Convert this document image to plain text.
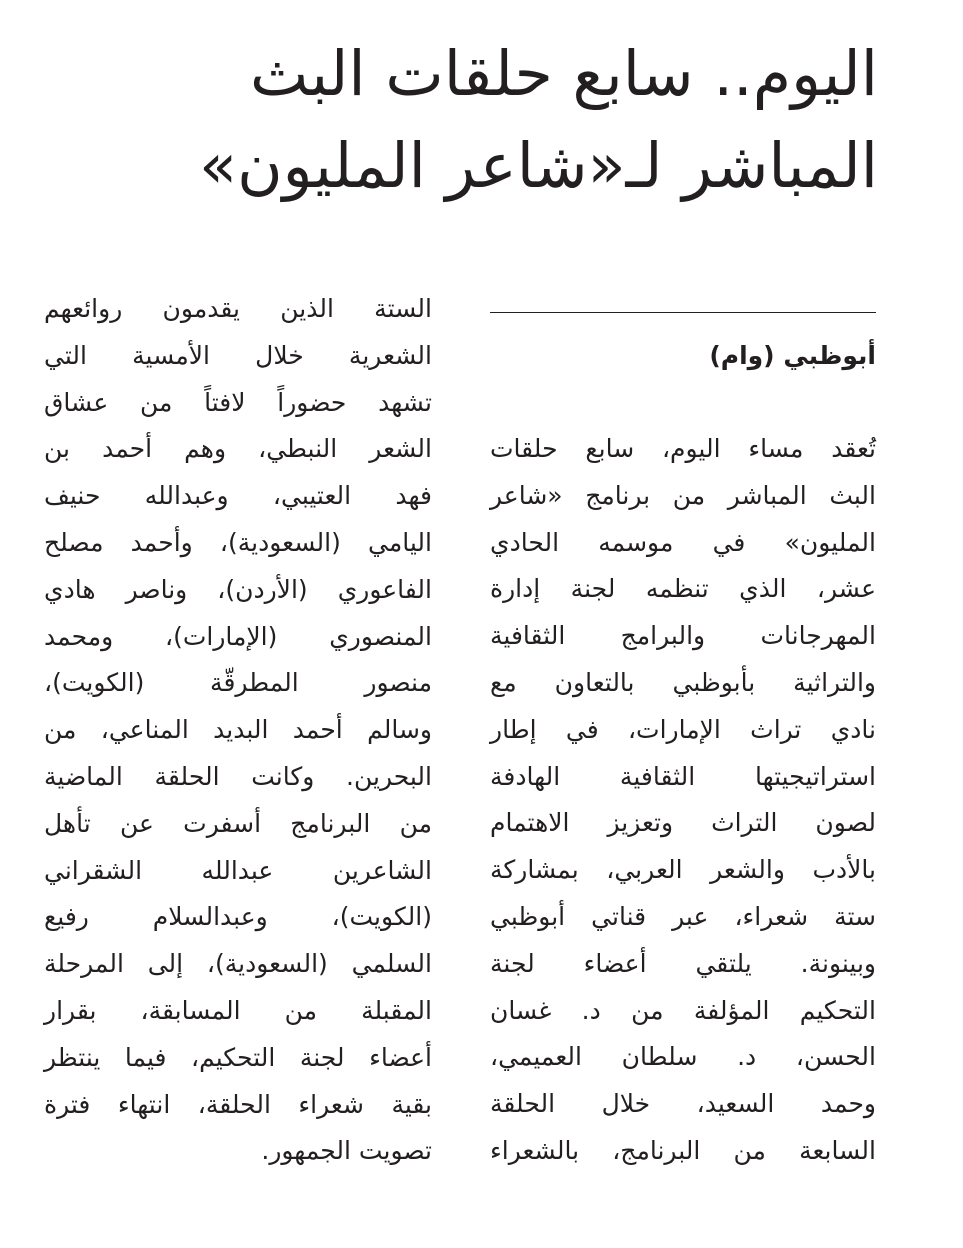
اليوم.. سابع حلقات البث
المباشر لـ«شاعر المليون»
أبوظبي (وام)
تُعقد مساء اليوم، سابع حلقات
البث المباشر من برنامج «شاعر
المليون» في موسمه الحادي
عشر، الذي تنظمه لجنة إدارة
المهرجانات والبرامج الثقافية
والتراثية بأبوظبي بالتعاون مع
نادي تراث الإمارات، في إطار
استراتيجيتها الثقافية الهادفة
لصون التراث وتعزيز الاهتمام
بالأدب والشعر العربي، بمشاركة
ستة شعراء، عبر قناتي أبوظبي
وبينونة. يلتقي أعضاء لجنة
التحكيم المؤلفة من د. غسان
الحسن، د. سلطان العميمي،
وحمد السعيد، خلال الحلقة
السابعة من البرنامج، بالشعراء
الستة الذين يقدمون روائعهم
الشعرية خلال الأمسية التي
تشهد حضوراً لافتاً من عشاق
الشعر النبطي، وهم أحمد بن
فهد العتيبي، وعبدالله حنيف
اليامي (السعودية)، وأحمد مصلح
الفاعوري (الأردن)، وناصر هادي
المنصوري (الإمارات)، ومحمد
منصور المطرقّة (الكويت)،
وسالم أحمد البديد المناعي، من
البحرين. وكانت الحلقة الماضية
من البرنامج أسفرت عن تأهل
الشاعرين عبدالله الشقراني
(الكويت)، وعبدالسلام رفيع
السلمي (السعودية)، إلى المرحلة
المقبلة من المسابقة، بقرار
أعضاء لجنة التحكيم، فيما ينتظر
بقية شعراء الحلقة، انتهاء فترة
تصويت الجمهور.
